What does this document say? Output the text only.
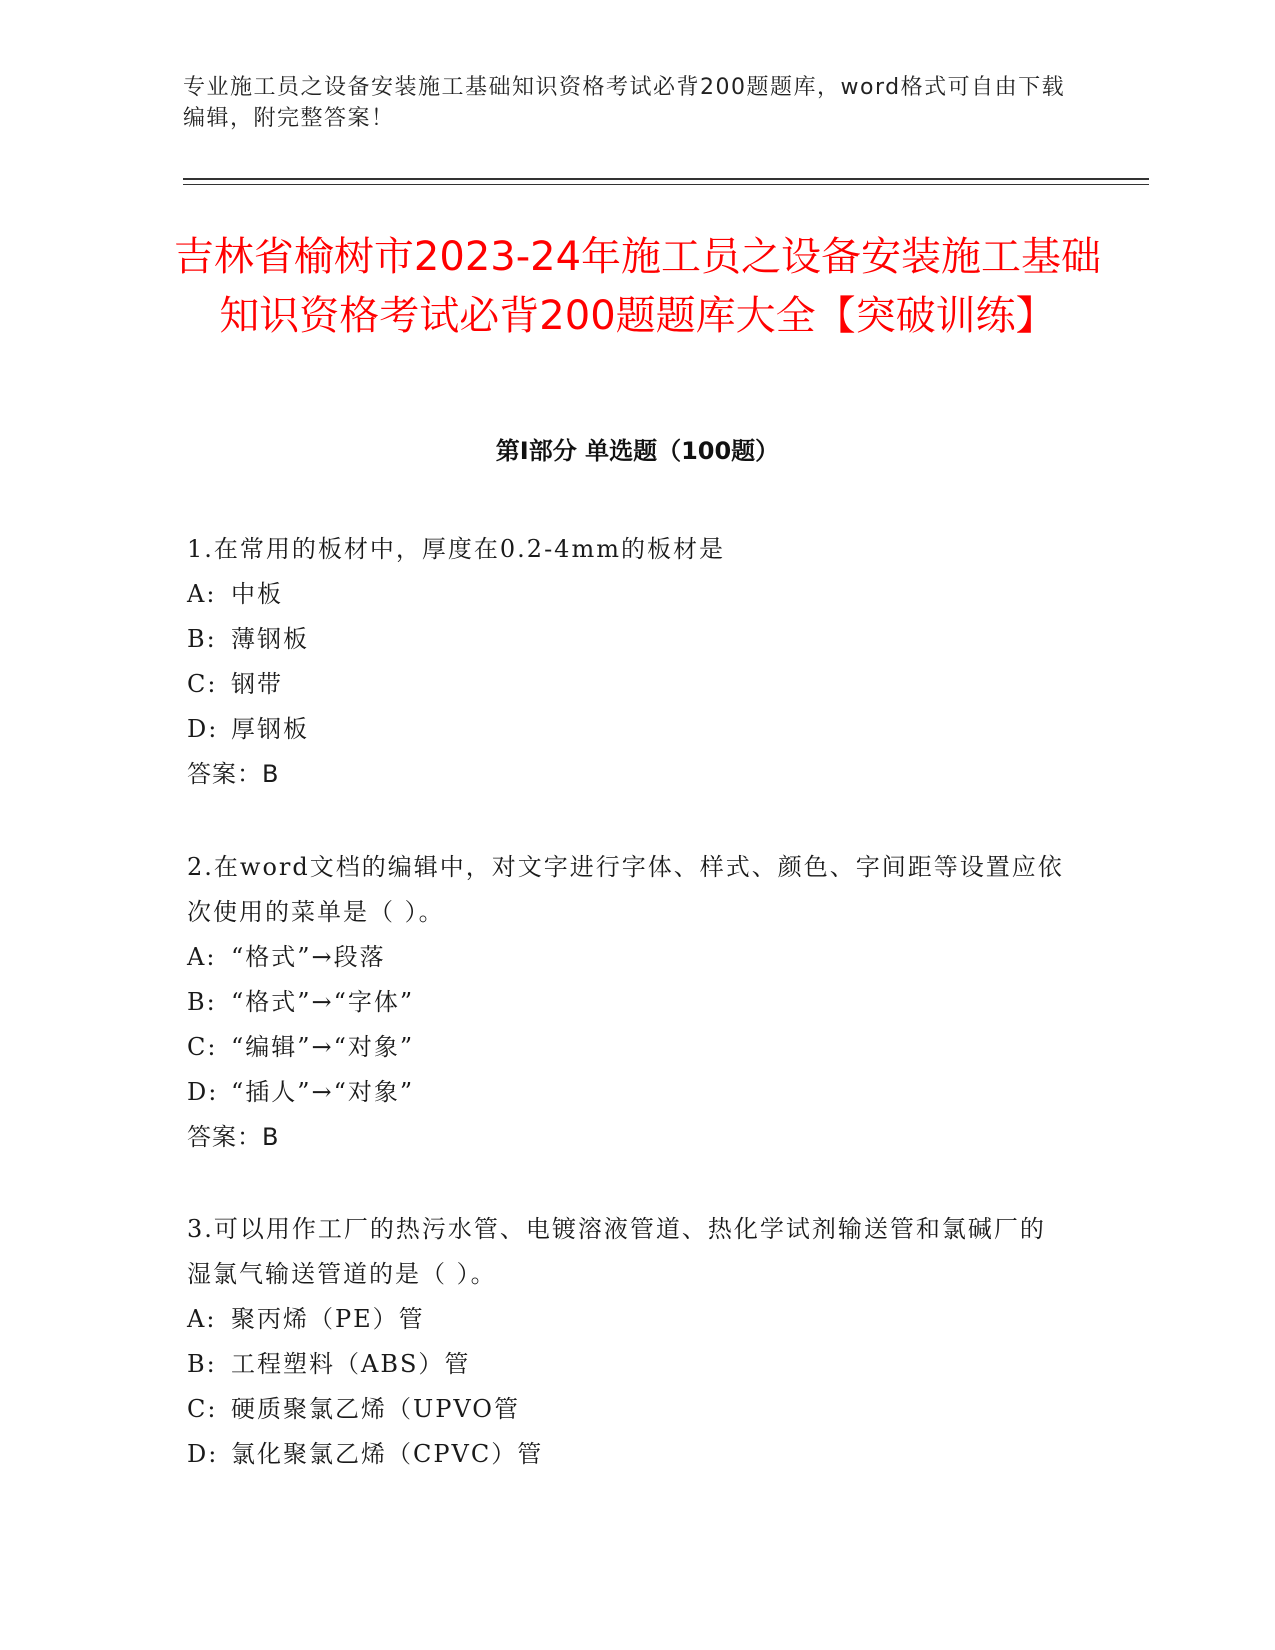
专业施工员之设备安装施工基础知识资格考试必背200题题库，word格式可自由下载编辑，附完整答案！
吉林省榆树市2023-24年施工员之设备安装施工基础知识资格考试必背200题题库大全【突破训练】
第I部分 单选题（100题）

1.在常用的板材中，厚度在0.2-4mm的板材是

A: 中板
B: 薄钢板
C: 钢带
D: 厚钢板
答案：B

2.在word文档的编辑中，对文字进行字体、样式、颜色、字间距等设置应依次使用的菜单是（ ）。

A: “格式”→段落
B: “格式”→“字体”
C: “编辑”→“对象”
D: “插人”→“对象”
答案：B

3.可以用作工厂的热污水管、电镀溶液管道、热化学试剂输送管和氯碱厂的湿氯气输送管道的是（ ）。

A: 聚丙烯（PE）管
B: 工程塑料（ABS）管
C: 硬质聚氯乙烯（UPVO管
D: 氯化聚氯乙烯（CPVC）管
